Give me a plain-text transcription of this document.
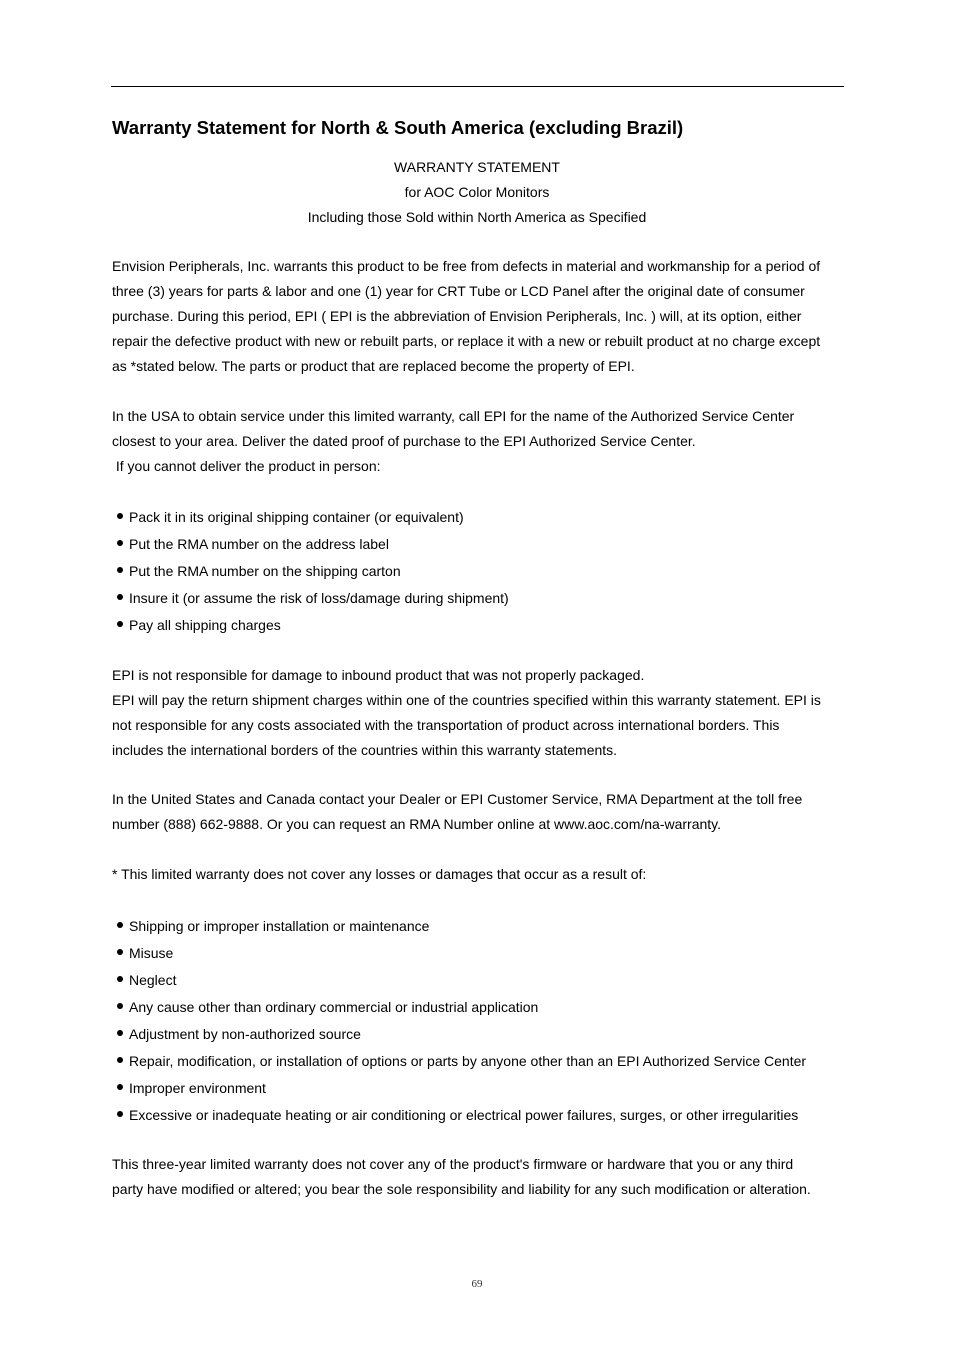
Warranty Statement for North & South America (excluding Brazil)
WARRANTY STATEMENT
for AOC Color Monitors
Including those Sold within North America as Specified
Envision Peripherals, Inc. warrants this product to be free from defects in material and workmanship for a period of
three (3) years for parts & labor and one (1) year for CRT Tube or LCD Panel after the original date of consumer
purchase. During this period, EPI ( EPI is the abbreviation of Envision Peripherals, Inc. ) will, at its option, either
repair the defective product with new or rebuilt parts, or replace it with a new or rebuilt product at no charge except
as *stated below. The parts or product that are replaced become the property of EPI.
In the USA to obtain service under this limited warranty, call EPI for the name of the Authorized Service Center
closest to your area. Deliver the dated proof of purchase to the EPI Authorized Service Center.
If you cannot deliver the product in person:
Pack it in its original shipping container (or equivalent)
Put the RMA number on the address label
Put the RMA number on the shipping carton
Insure it (or assume the risk of loss/damage during shipment)
Pay all shipping charges
EPI is not responsible for damage to inbound product that was not properly packaged.
EPI will pay the return shipment charges within one of the countries specified within this warranty statement. EPI is
not responsible for any costs associated with the transportation of product across international borders. This
includes the international borders of the countries within this warranty statements.
In the United States and Canada contact your Dealer or EPI Customer Service, RMA Department at the toll free
number (888) 662-9888. Or you can request an RMA Number online at www.aoc.com/na-warranty.
* This limited warranty does not cover any losses or damages that occur as a result of:
Shipping or improper installation or maintenance
Misuse
Neglect
Any cause other than ordinary commercial or industrial application
Adjustment by non-authorized source
Repair, modification, or installation of options or parts by anyone other than an EPI Authorized Service Center
Improper environment
Excessive or inadequate heating or air conditioning or electrical power failures, surges, or other irregularities
This three-year limited warranty does not cover any of the product's firmware or hardware that you or any third
party have modified or altered; you bear the sole responsibility and liability for any such modification or alteration.
69
